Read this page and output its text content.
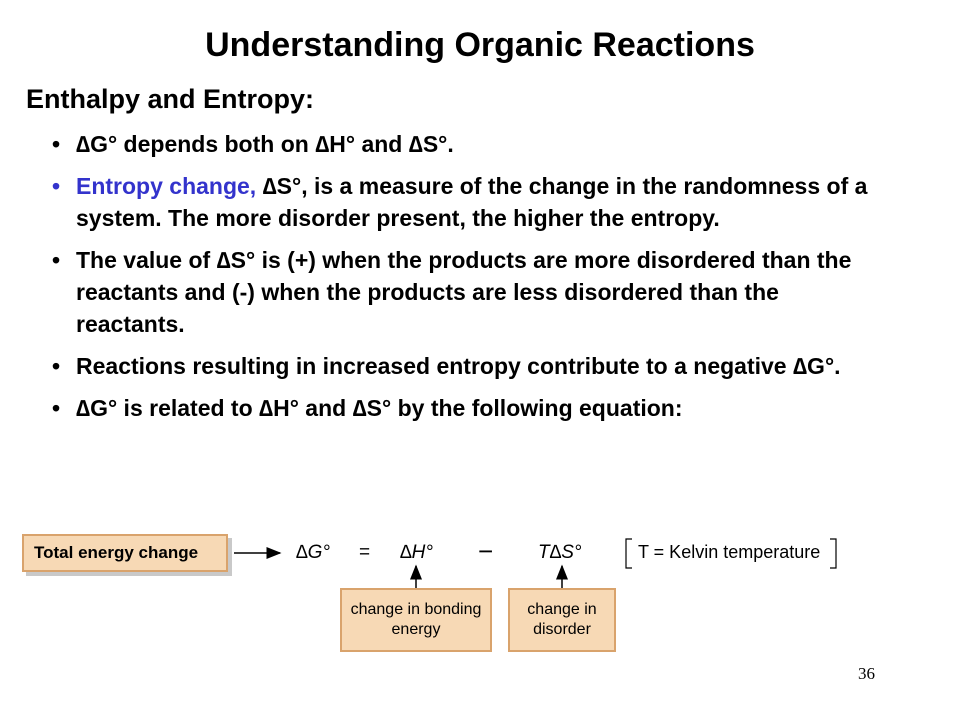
Understanding Organic Reactions
Enthalpy and Entropy:
• ∆G° depends both on ∆H° and ∆S°.
• Entropy change, ∆S°, is a measure of the change in the randomness of a system. The more disorder present, the higher the entropy.
• The value of ∆S° is (+) when the products are more disordered than the reactants and (-) when the products are less disordered than the reactants.
• Reactions resulting in increased entropy contribute to a negative ∆G°.
• ∆G° is related to ∆H° and ∆S° by the following equation:
Total energy change	∆G° = ∆H° − T∆S°	T = Kelvin temperature
change in bonding energy
change in disorder
36
